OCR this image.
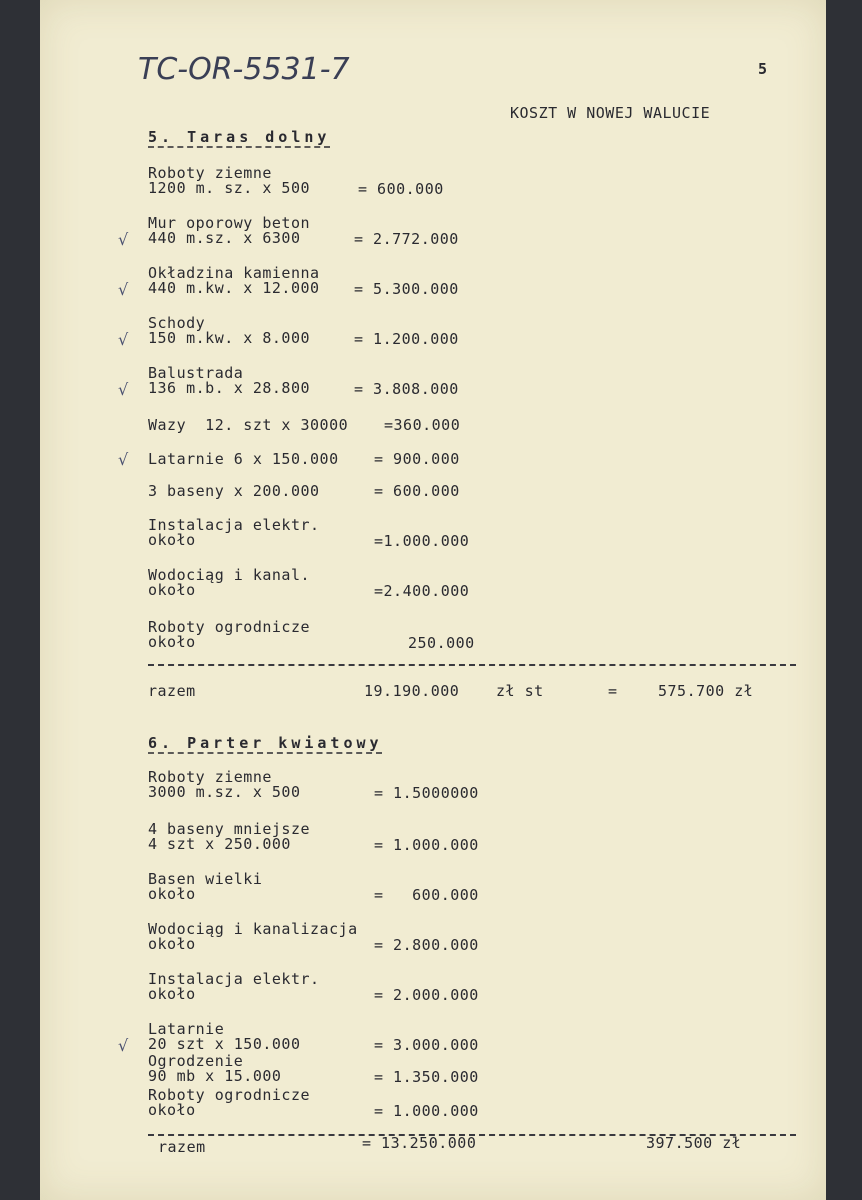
TC-OR-5531-7	5
KOSZT W NOWEJ WALUCIE
5. Taras dolny
Roboty ziemne
1200 m. sz. x 500	= 600.000
Mur oporowy beton
440 m.sz. x 6300	= 2.772.000
√
Okładzina kamienna
440 m.kw. x 12.000 = 5.300.000
√
Schody
150 m.kw. x 8.000	= 1.200.000
√
Balustrada
136 m.b. x 28.800	= 3.808.000
√
Wazy  12. szt x 30000 =360.000
Latarnie 6 x 150.000 = 900.000
√
3 baseny x 200.000	= 600.000
Instalacja elektr.
około	=1.000.000
Wodociąg i kanal.
około	=2.400.000
Roboty ogrodnicze
około	250.000
razem	19.190.000 zł st	=	575.700 zł
6. Parter kwiatowy
Roboty ziemne
3000 m.sz. x 500	= 1.5000000
4 baseny mniejsze
4 szt x 250.000	= 1.000.000
Basen wielki
około	=   600.000
Wodociąg i kanalizacja
około	= 2.800.000
Instalacja elektr.
około	= 2.000.000
Latarnie
20 szt x 150.000	= 3.000.000
√
Ogrodzenie
90 mb x 15.000	= 1.350.000
Roboty ogrodnicze
około	= 1.000.000
razem	= 13.250.000	397.500 zł
